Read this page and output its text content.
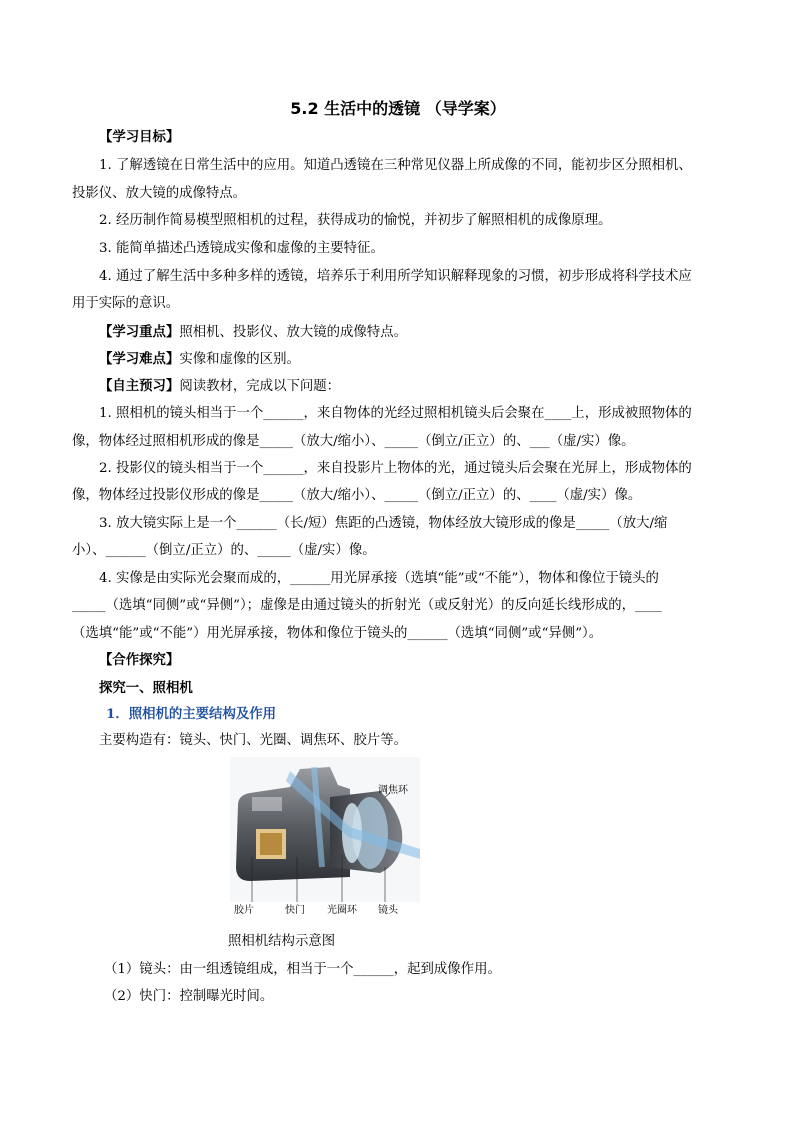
5.2 生活中的透镜 （导学案）
【学习目标】
1. 了解透镜在日常生活中的应用。知道凸透镜在三种常见仪器上所成像的不同，能初步区分照相机、
投影仪、放大镜的成像特点。
2. 经历制作简易模型照相机的过程，获得成功的愉悦，并初步了解照相机的成像原理。
3. 能简单描述凸透镜成实像和虚像的主要特征。
4. 通过了解生活中多种多样的透镜，培养乐于利用所学知识解释现象的习惯，初步形成将科学技术应
用于实际的意识。
【学习重点】照相机、投影仪、放大镜的成像特点。
【学习难点】实像和虚像的区别。
【自主预习】阅读教材，完成以下问题：
1. 照相机的镜头相当于一个______，来自物体的光经过照相机镜头后会聚在____上，形成被照物体的
像，物体经过照相机形成的像是_____（放大/缩小）、_____（倒立/正立）的、___（虚/实）像。
2. 投影仪的镜头相当于一个______，来自投影片上物体的光，通过镜头后会聚在光屏上，形成物体的
像，物体经过投影仪形成的像是_____（放大/缩小）、_____（倒立/正立）的、____（虚/实）像。
3. 放大镜实际上是一个______（长/短）焦距的凸透镜，物体经放大镜形成的像是_____（放大/缩
小）、______（倒立/正立）的、_____（虚/实）像。
4. 实像是由实际光会聚而成的，______用光屏承接（选填“能”或“不能”），物体和像位于镜头的
_____（选填“同侧”或“异侧”）；虚像是由通过镜头的折射光（或反射光）的反向延长线形成的，____
（选填“能”或“不能”）用光屏承接，物体和像位于镜头的______（选填“同侧”或“异侧”）。
【合作探究】
探究一、照相机
1．照相机的主要结构及作用
主要构造有：镜头、快门、光圈、调焦环、胶片等。
调焦环
胶片	快门 光圈环 镜头
照相机结构示意图
（1）镜头：由一组透镜组成，相当于一个______，起到成像作用。
（2）快门：控制曝光时间。
